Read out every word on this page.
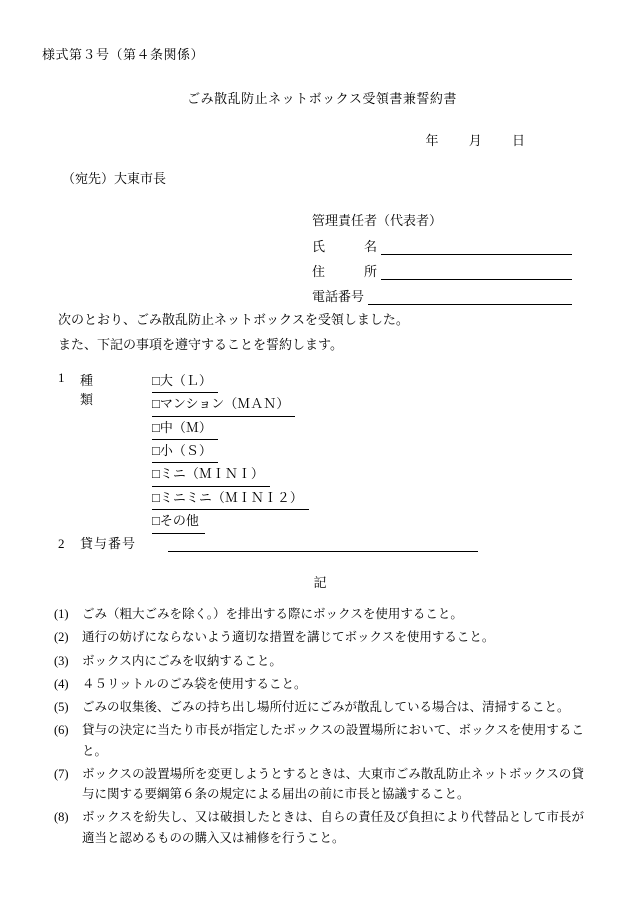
様式第３号（第４条関係）
ごみ散乱防止ネットボックス受領書兼誓約書
年 月 日
（宛先）大東市長
管理責任者（代表者）
氏　　　名
住　　　所
電話番号
次のとおり、ごみ散乱防止ネットボックスを受領しました。
また、下記の事項を遵守することを誓約します。
1	種　　類
□大（Ｌ）
□マンション（ＭＡＮ）
□中（Ｍ）
□小（Ｓ）
□ミニ（ＭＩＮＩ）
□ミニミニ（ＭＩＮＩ２）
□その他
2	貸与番号
記
(1)	ごみ（粗大ごみを除く。）を排出する際にボックスを使用すること。
(2)	通行の妨げにならないよう適切な措置を講じてボックスを使用すること。
(3)	ボックス内にごみを収納すること。
(4)	４５リットルのごみ袋を使用すること。
(5)	ごみの収集後、ごみの持ち出し場所付近にごみが散乱している場合は、清掃すること。
(6)	貸与の決定に当たり市長が指定したボックスの設置場所において、ボックスを使用すること。
(7)	ボックスの設置場所を変更しようとするときは、大東市ごみ散乱防止ネットボックスの貸与に関する要綱第６条の規定による届出の前に市長と協議すること。
(8)	ボックスを紛失し、又は破損したときは、自らの責任及び負担により代替品として市長が適当と認めるものの購入又は補修を行うこと。
